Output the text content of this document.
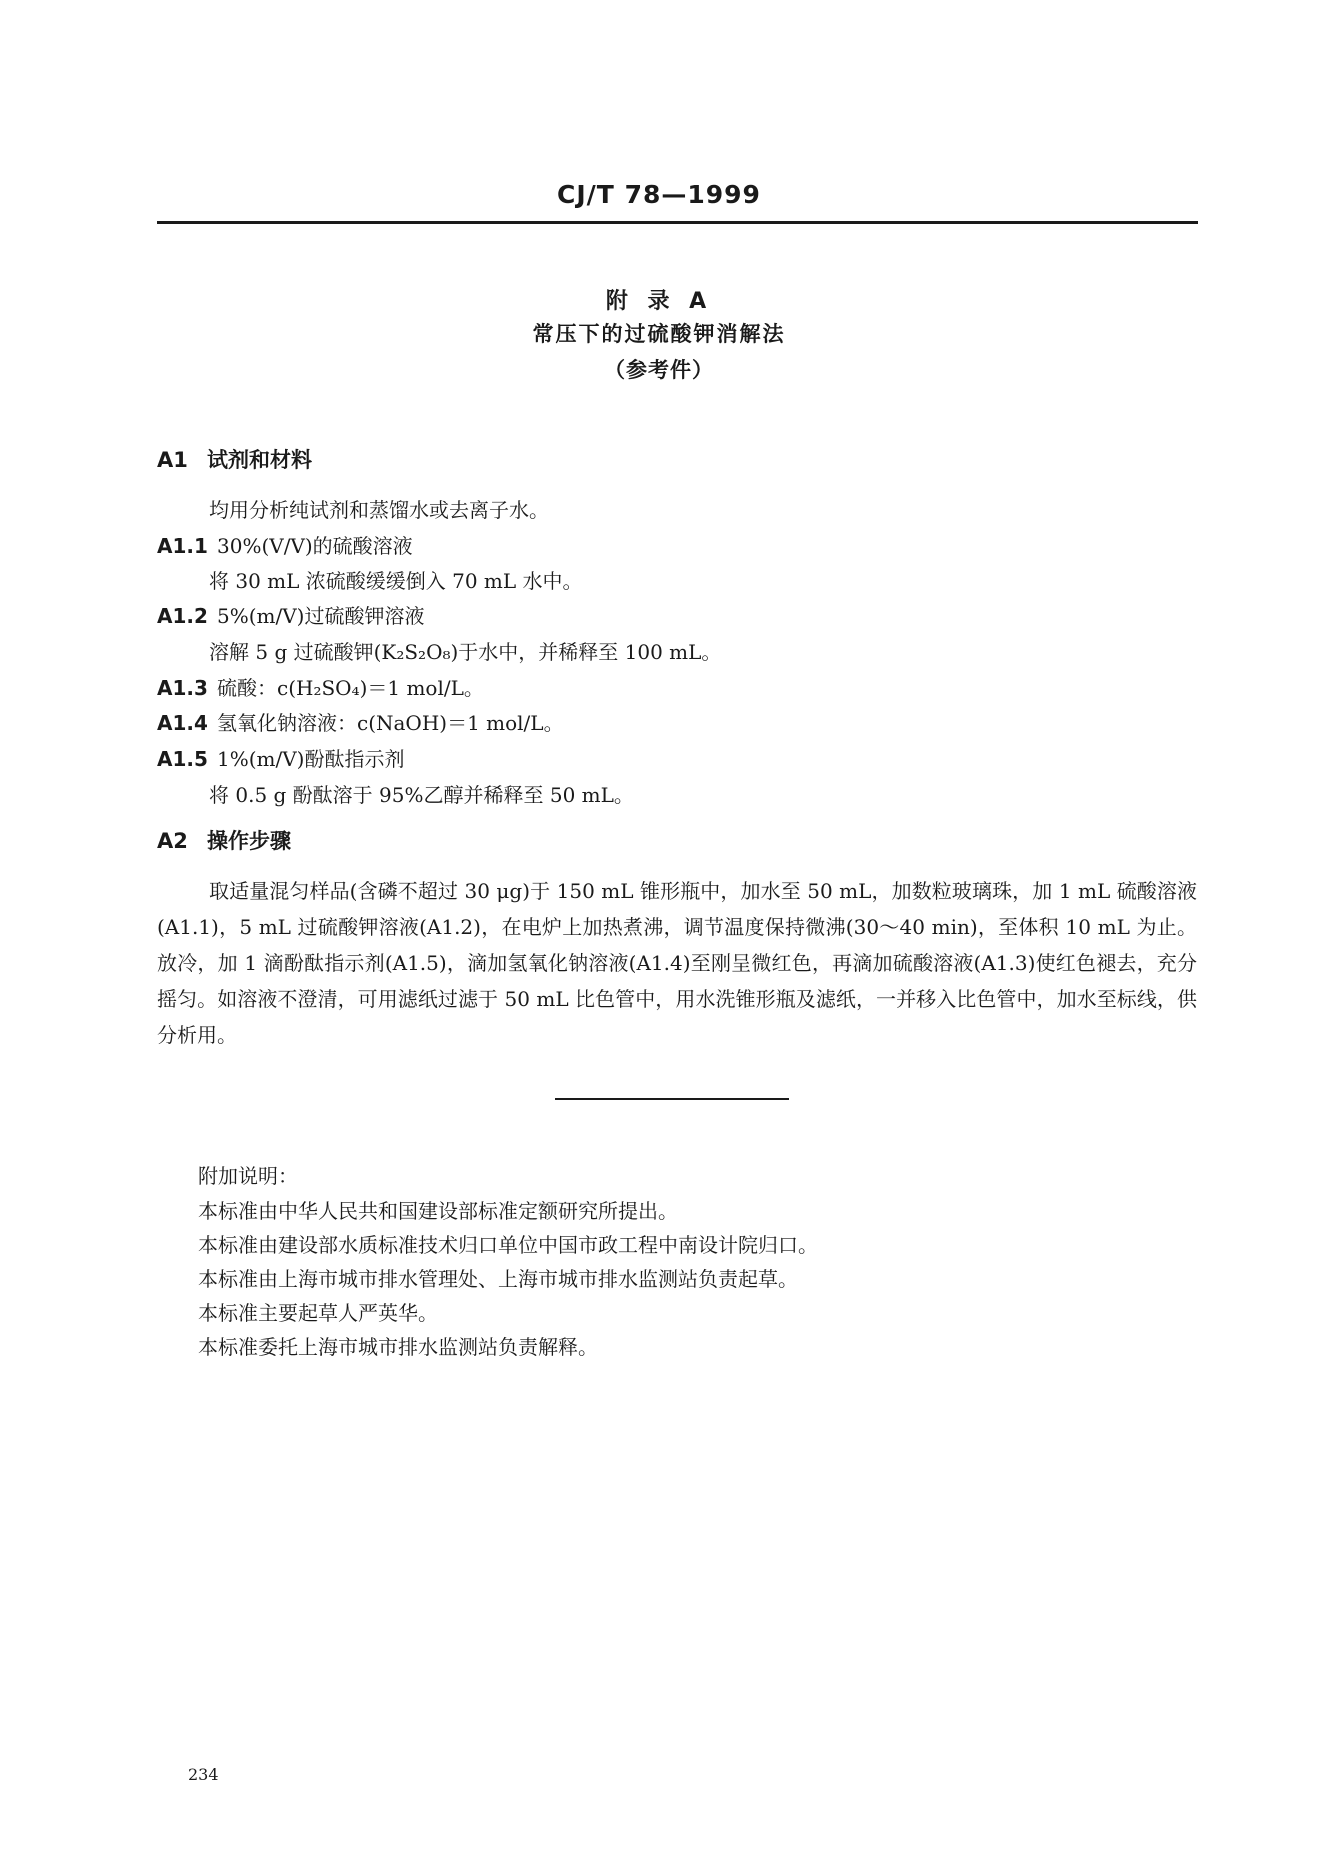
CJ/T 78—1999
附 录 A
常压下的过硫酸钾消解法
（参考件）
A1 试剂和材料
均用分析纯试剂和蒸馏水或去离子水。
A1.1 30%(V/V)的硫酸溶液
将 30 mL 浓硫酸缓缓倒入 70 mL 水中。
A1.2 5%(m/V)过硫酸钾溶液
溶解 5 g 过硫酸钾(K₂S₂O₈)于水中，并稀释至 100 mL。
A1.3 硫酸：c(H₂SO₄)＝1 mol/L。
A1.4 氢氧化钠溶液：c(NaOH)＝1 mol/L。
A1.5 1%(m/V)酚酞指示剂
将 0.5 g 酚酞溶于 95%乙醇并稀释至 50 mL。
A2 操作步骤
取适量混匀样品(含磷不超过 30 μg)于 150 mL 锥形瓶中，加水至 50 mL，加数粒玻璃珠，加 1 mL 硫酸溶液(A1.1)，5 mL 过硫酸钾溶液(A1.2)，在电炉上加热煮沸，调节温度保持微沸(30～40 min)，至体积 10 mL 为止。放冷，加 1 滴酚酞指示剂(A1.5)，滴加氢氧化钠溶液(A1.4)至刚呈微红色，再滴加硫酸溶液(A1.3)使红色褪去，充分摇匀。如溶液不澄清，可用滤纸过滤于 50 mL 比色管中，用水洗锥形瓶及滤纸，一并移入比色管中，加水至标线，供分析用。
附加说明：
本标准由中华人民共和国建设部标准定额研究所提出。
本标准由建设部水质标准技术归口单位中国市政工程中南设计院归口。
本标准由上海市城市排水管理处、上海市城市排水监测站负责起草。
本标准主要起草人严英华。
本标准委托上海市城市排水监测站负责解释。
234
